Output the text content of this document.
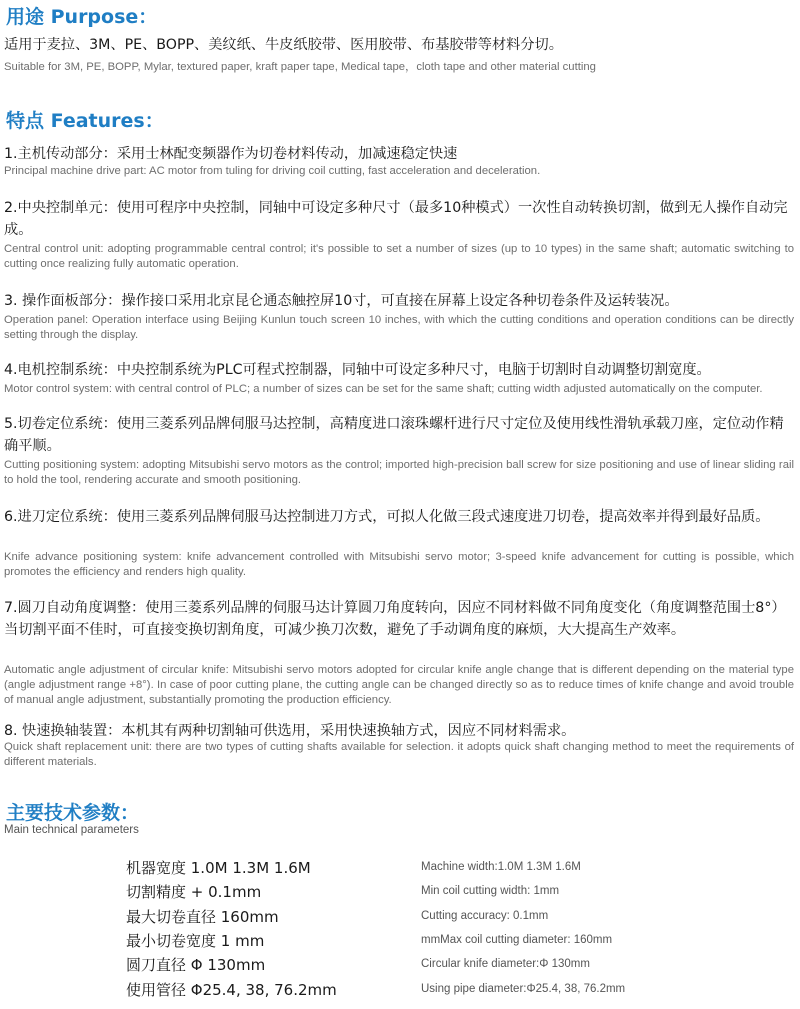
用途 Purpose：
适用于麦拉、3M、PE、BOPP、美纹纸、牛皮纸胶带、医用胶带、布基胶带等材料分切。
Suitable for 3M, PE, BOPP, Mylar, textured paper, kraft paper tape, Medical tape，cloth tape and other material cutting
特点 Features：
1.主机传动部分：采用士林配变频器作为切卷材料传动，加减速稳定快速
Principal machine drive part: AC motor from tuling for driving coil cutting, fast acceleration and deceleration.
2.中央控制单元：使用可程序中央控制，同轴中可设定多种尺寸（最多10种模式）一次性自动转换切割，做到无人操作自动完成。
Central control unit: adopting programmable central control; it's possible to set a number of sizes (up to 10 types) in the same shaft; automatic switching to cutting once realizing fully automatic operation.
3. 操作面板部分：操作接口采用北京昆仑通态触控屏10寸，可直接在屏幕上设定各种切卷条件及运转装况。
Operation panel: Operation interface using Beijing Kunlun touch screen 10 inches, with which the cutting conditions and operation conditions can be directly setting through the display.
4.电机控制系统：中央控制系统为PLC可程式控制器，同轴中可设定多种尺寸，电脑于切割时自动调整切割宽度。
Motor control system: with central control of PLC; a number of sizes can be set for the same shaft; cutting width adjusted automatically on the computer.
5.切卷定位系统：使用三菱系列品牌伺服马达控制，高精度进口滚珠螺杆进行尺寸定位及使用线性滑轨承载刀座，定位动作精确平顺。
Cutting positioning system: adopting Mitsubishi servo motors as the control; imported high-precision ball screw for size positioning and use of linear sliding rail to hold the tool, rendering accurate and smooth positioning.
6.进刀定位系统：使用三菱系列品牌伺服马达控制进刀方式，可拟人化做三段式速度进刀切卷，提高效率并得到最好品质。
Knife advance positioning system: knife advancement controlled with Mitsubishi servo motor; 3-speed knife advancement for cutting is possible, which promotes the efficiency and renders high quality.
7.圆刀自动角度调整：使用三菱系列品牌的伺服马达计算圆刀角度转向，因应不同材料做不同角度变化（角度调整范围士8°）当切割平面不佳时，可直接变换切割角度，可减少换刀次数，避免了手动调角度的麻烦，大大提高生产效率。
Automatic angle adjustment of circular knife: Mitsubishi servo motors adopted for circular knife angle change that is different depending on the material type (angle adjustment range +8°). In case of poor cutting plane, the cutting angle can be changed directly so as to reduce times of knife change and avoid trouble of manual angle adjustment, substantially promoting the production efficiency.
8. 快速换轴装置：本机其有两种切割轴可供选用，采用快速换轴方式，因应不同材料需求。
Quick shaft replacement unit: there are two types of cutting shafts available for selection. it adopts quick shaft changing method to meet the requirements of different materials.
主要技术参数：
Main technical parameters
机器宽度 1.0M 1.3M 1.6M	Machine width:1.0M 1.3M 1.6M
切割精度 + 0.1mm	Min coil cutting width: 1mm
最大切卷直径 160mm	Cutting accuracy: 0.1mm
最小切卷宽度 1 mm	mmMax coil cutting diameter: 160mm
圆刀直径 Φ 130mm	Circular knife diameter:Φ 130mm
使用管径 Φ25.4, 38, 76.2mm	Using pipe diameter:Φ25.4, 38, 76.2mm
